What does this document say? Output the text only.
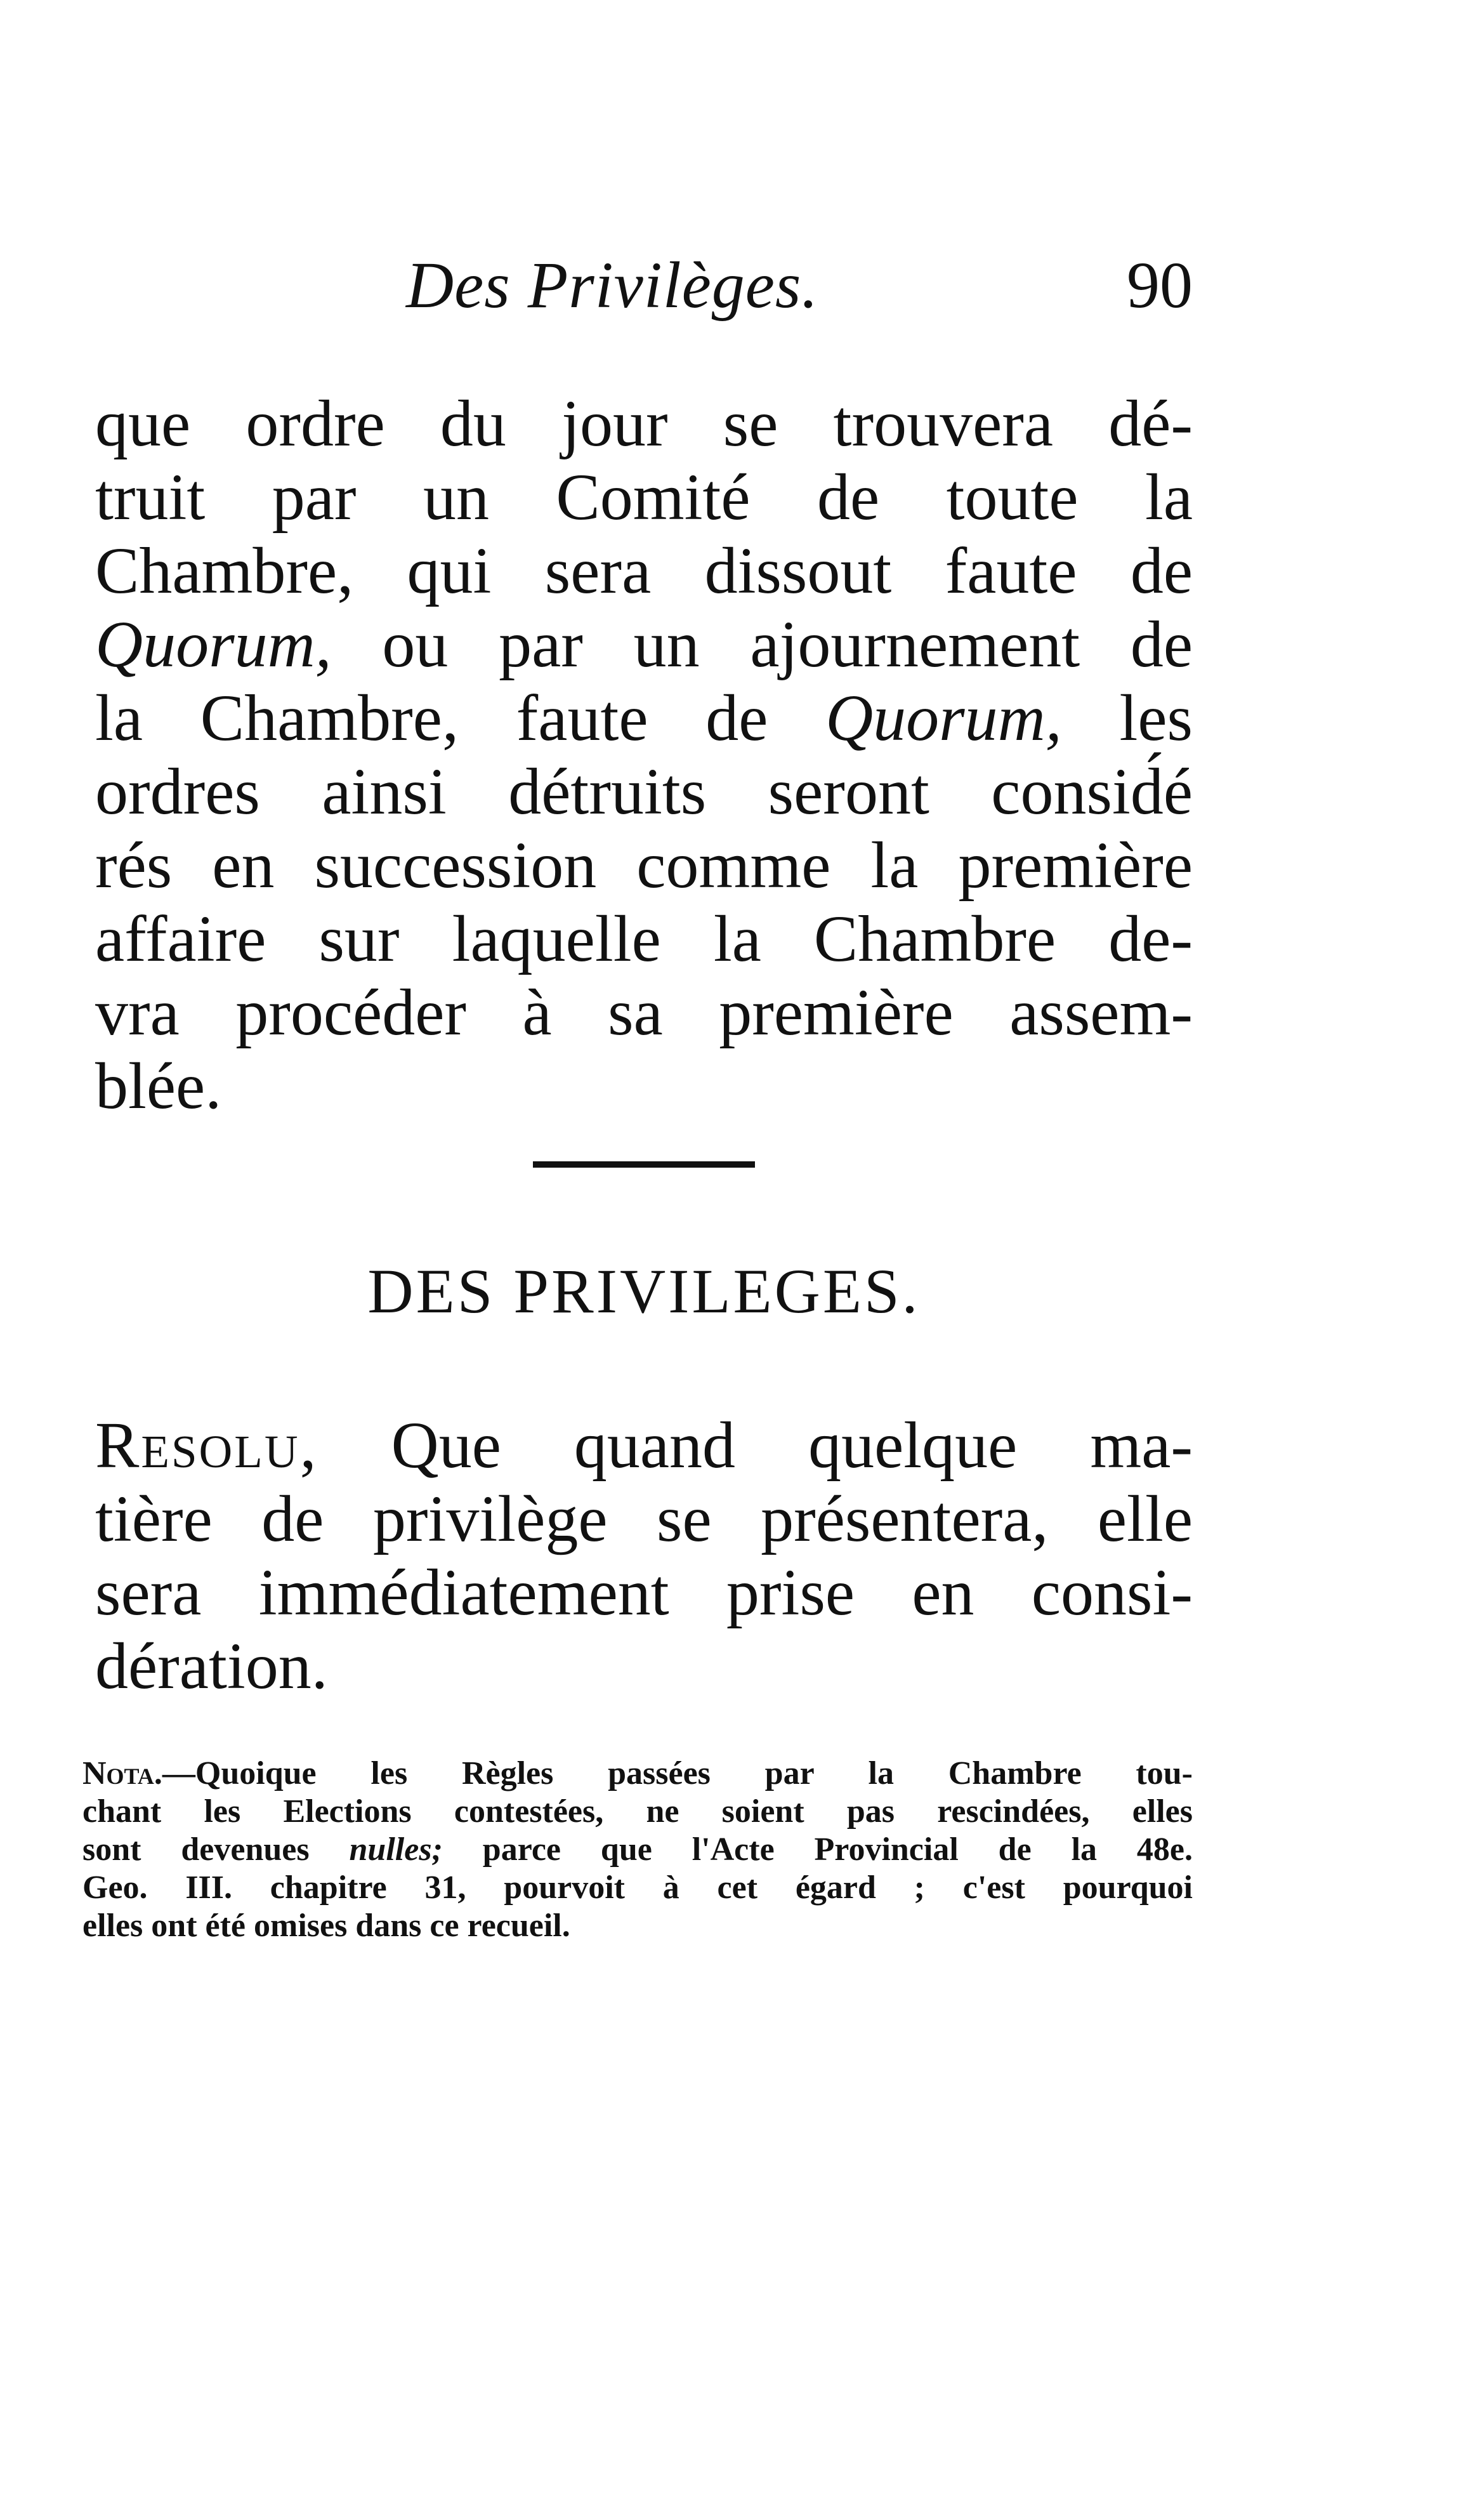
Des Privilèges.	90
que ordre du jour se trouvera dé-
truit par un Comité de toute la
Chambre, qui sera dissout faute de
Quorum, ou par un ajournement de
la Chambre, faute de Quorum, les
ordres ainsi détruits seront consid́é
rés en succession comme la première
affaire sur laquelle la Chambre de-
vra procéder à sa première assem-
blée.
DES PRIVILEGES.
Resolu, Que quand quelque ma-
tière de privilège se présentera, elle
sera immédiatement prise en consi-
dération.
Nota.—Quoique les Règles passées par la Chambre tou-
chant les Elections contestées, ne soient pas rescindées, elles
sont devenues nulles; parce que l'Acte Provincial de la 48e.
Geo. III. chapitre 31, pourvoit à cet égard ; c'est pourquoi
elles ont été omises dans ce recueil.
